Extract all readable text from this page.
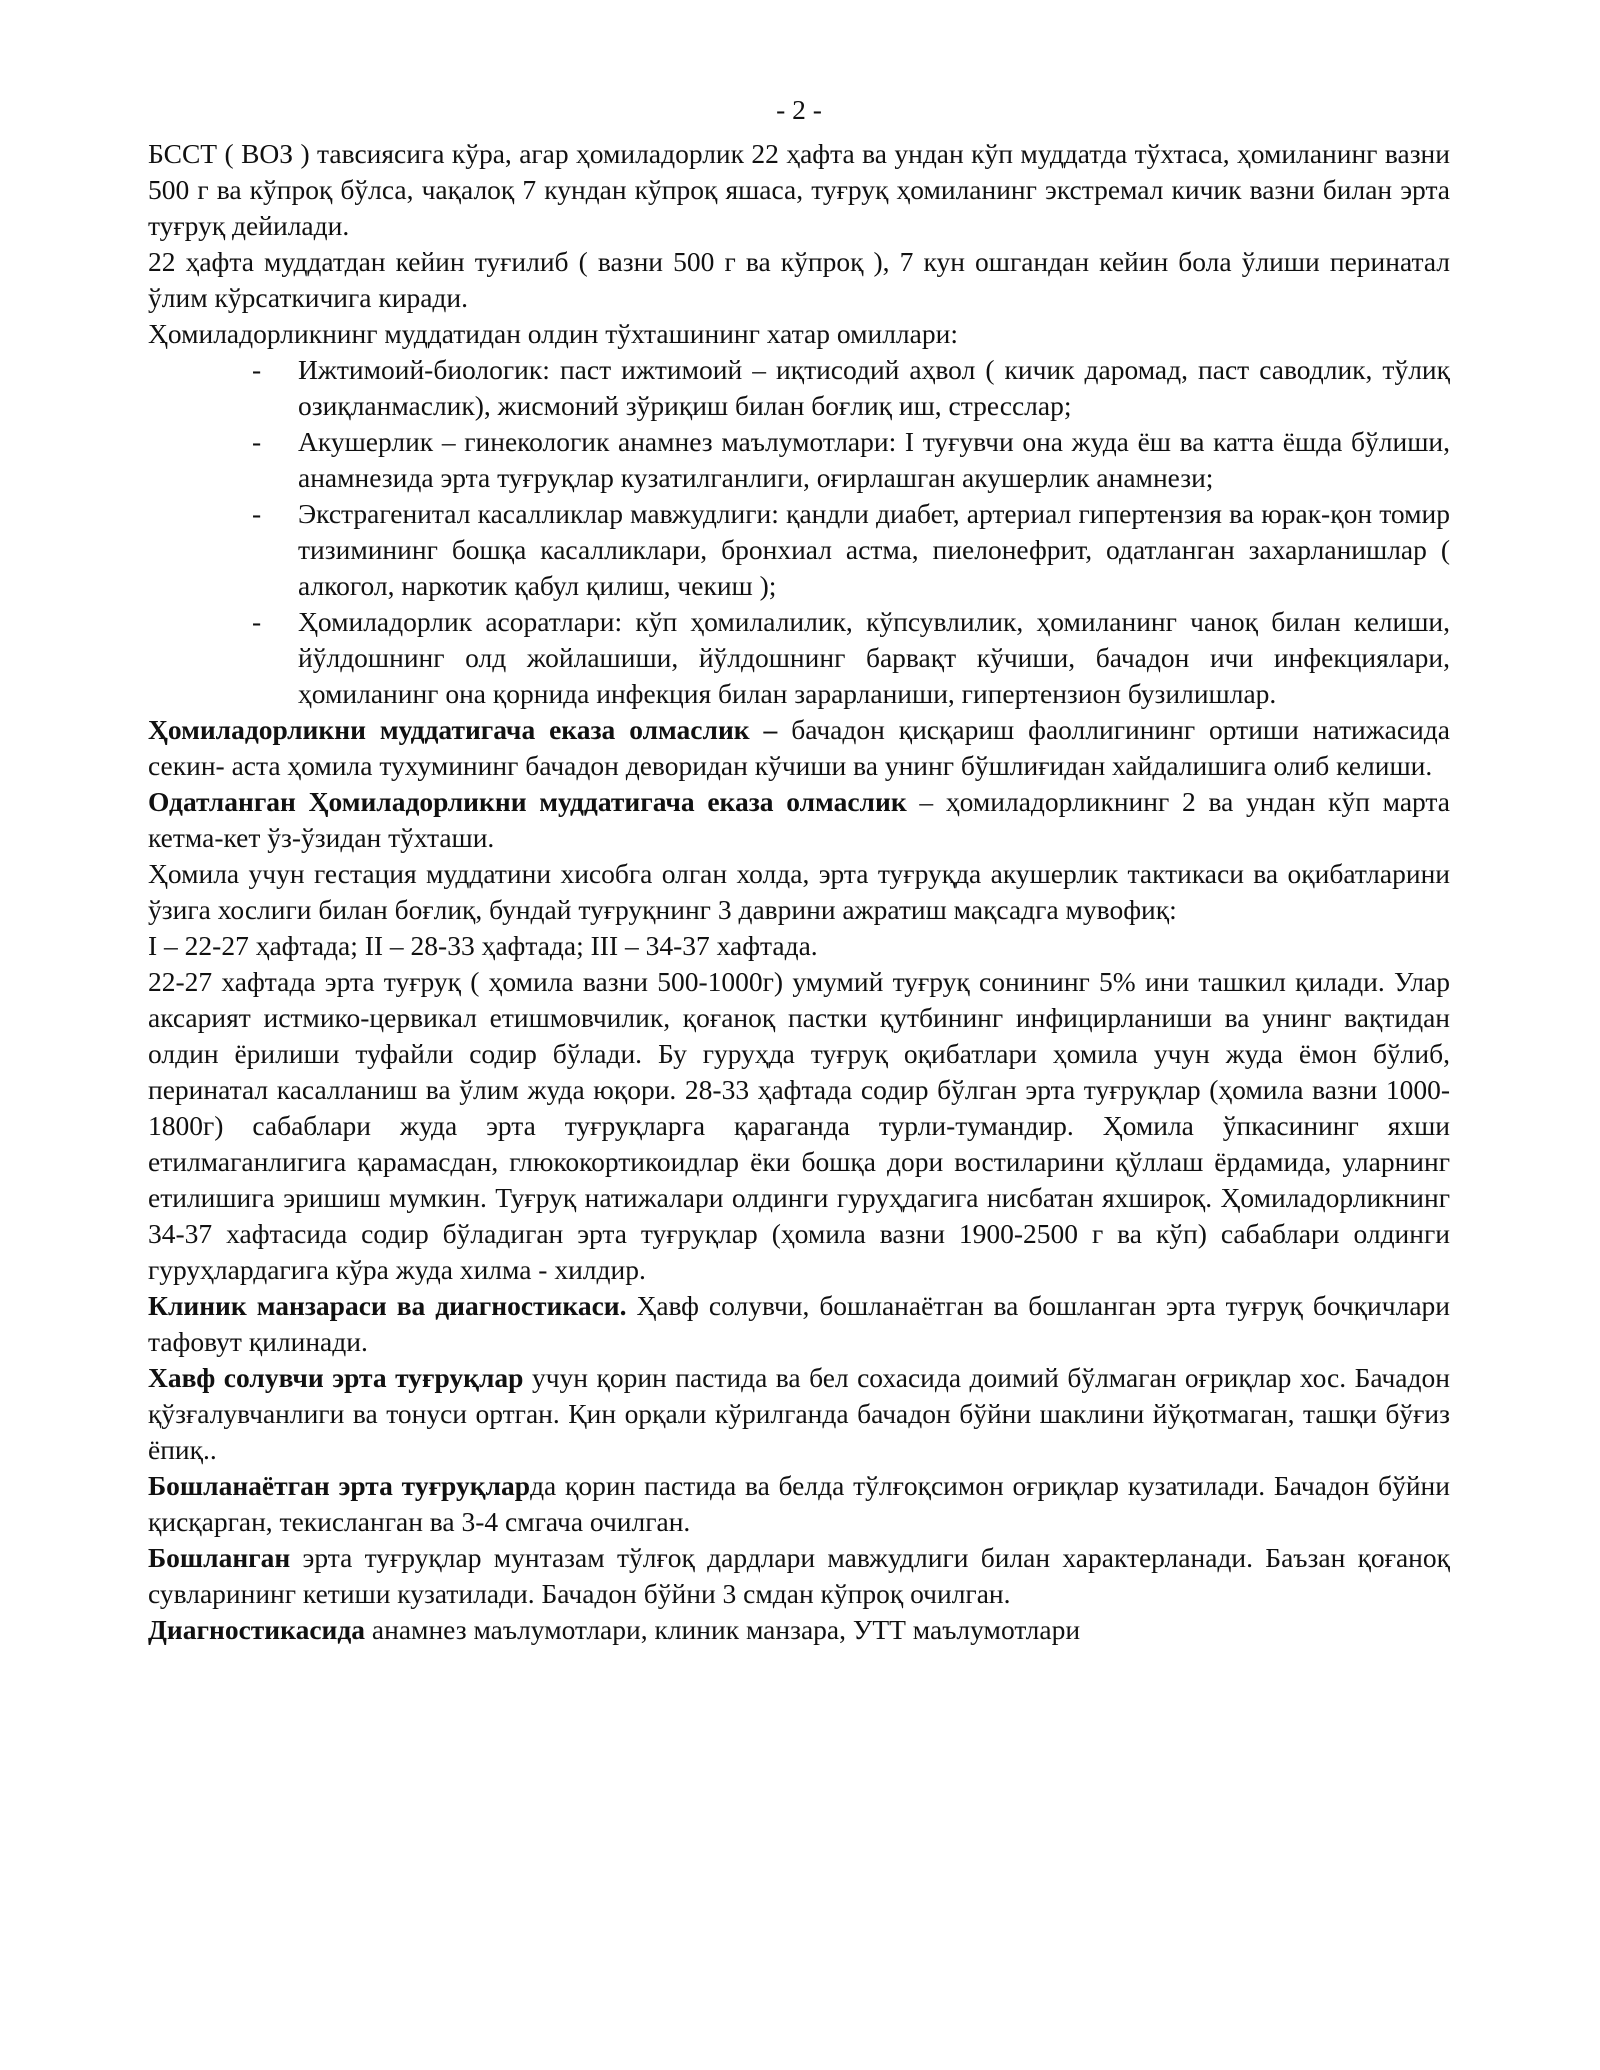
- 2 -

БССТ ( ВОЗ ) тавсиясига кўра, агар ҳомиладорлик 22 ҳафта ва ундан кўп муддатда тўхтаса, ҳомиланинг вазни 500 г ва кўпроқ бўлса, чақалоқ 7 кундан кўпроқ яшаса, туғруқ ҳомиланинг экстремал кичик вазни билан эрта туғруқ дейилади.

22 ҳафта муддатдан кейин туғилиб ( вазни 500 г ва кўпроқ ), 7 кун ошгандан кейин бола ўлиши перинатал ўлим кўрсаткичига киради.

Ҳомиладорликнинг муддатидан олдин тўхташининг хатар омиллари:

- Ижтимоий-биологик: паст ижтимоий – иқтисодий аҳвол ( кичик даромад, паст саводлик, тўлиқ озиқланмаслик), жисмоний зўриқиш билан боғлиқ иш, стресслар;
- Акушерлик – гинекологик анамнез маълумотлари: I туғувчи она жуда ёш ва катта ёшда бўлиши, анамнезида эрта туғруқлар кузатилганлиги, оғирлашган акушерлик анамнези;
- Экстрагенитал касалликлар мавжудлиги: қандли диабет, артериал гипертензия ва юрак-қон томир тизимининг бошқа касалликлари, бронхиал астма, пиелонефрит, одатланган захарланишлар ( алкогол, наркотик қабул қилиш, чекиш );
- Ҳомиладорлик асоратлари: кўп ҳомилалилик, кўпсувлилик, ҳомиланинг чаноқ билан келиши, йўлдошнинг олд жойлашиши, йўлдошнинг барвақт кўчиши, бачадон ичи инфекциялари, ҳомиланинг она қорнида инфекция билан зарарланиши, гипертензион бузилишлар.

Ҳомиладорликни муддатигача еказа олмаслик – бачадон қисқариш фаоллигининг ортиши натижасида секин- аста ҳомила тухумининг бачадон деворидан кўчиши ва унинг бўшлиғидан хайдалишига олиб келиши.

Одатланган Ҳомиладорликни муддатигача еказа олмаслик – ҳомиладорликнинг 2 ва ундан кўп марта кетма-кет ўз-ўзидан тўхташи.

Ҳомила учун гестация муддатини хисобга олган холда, эрта туғруқда акушерлик тактикаси ва оқибатларини ўзига хослиги билан боғлиқ, бундай туғруқнинг 3 даврини ажратиш мақсадга мувофиқ:

I – 22-27 ҳафтада; II – 28-33 ҳафтада; III – 34-37 хафтада.

22-27 хафтада эрта туғруқ ( ҳомила вазни 500-1000г) умумий туғруқ сонининг 5% ини ташкил қилади. Улар аксарият истмико-цервикал етишмовчилик, қоғаноқ пастки қутбининг инфицирланиши ва унинг вақтидан олдин ёрилиши туфайли содир бўлади. Бу гуруҳда туғруқ оқибатлари ҳомила учун жуда ёмон бўлиб, перинатал касалланиш ва ўлим жуда юқори. 28-33 ҳафтада содир бўлган эрта туғруқлар (ҳомила вазни 1000-1800г) сабаблари жуда эрта туғруқларга қараганда турли-тумандир. Ҳомила ўпкасининг яхши етилмаганлигига қарамасдан, глюкокортикоидлар ёки бошқа дори востиларини қўллаш ёрдамида, уларнинг етилишига эришиш мумкин. Туғруқ натижалари олдинги гуруҳдагига нисбатан яхшироқ. Ҳомиладорликнинг 34-37 хафтасида содир бўладиган эрта туғруқлар (ҳомила вазни 1900-2500 г ва кўп) сабаблари олдинги гуруҳлардагига кўра жуда хилма - хилдир.

Клиник манзараси ва диагностикаси. Ҳавф солувчи, бошланаётган ва бошланган эрта туғруқ бочқичлари тафовут қилинади.

Хавф солувчи эрта туғруқлар учун қорин пастида ва бел сохасида доимий бўлмаган оғриқлар хос. Бачадон қўзғалувчанлиги ва тонуси ортган. Қин орқали кўрилганда бачадон бўйни шаклини йўқотмаган, ташқи бўғиз ёпиқ..

Бошланаётган эрта туғруқларда қорин пастида ва белда тўлғоқсимон оғриқлар кузатилади. Бачадон бўйни қисқарган, текисланган ва 3-4 смгача очилган.

Бошланган эрта туғруқлар мунтазам тўлғоқ дардлари мавжудлиги билан характерланади. Баъзан қоғаноқ сувларининг кетиши кузатилади. Бачадон бўйни 3 смдан кўпроқ очилган.

Диагностикасида анамнез маълумотлари, клиник манзара, УТТ маълумотлари
